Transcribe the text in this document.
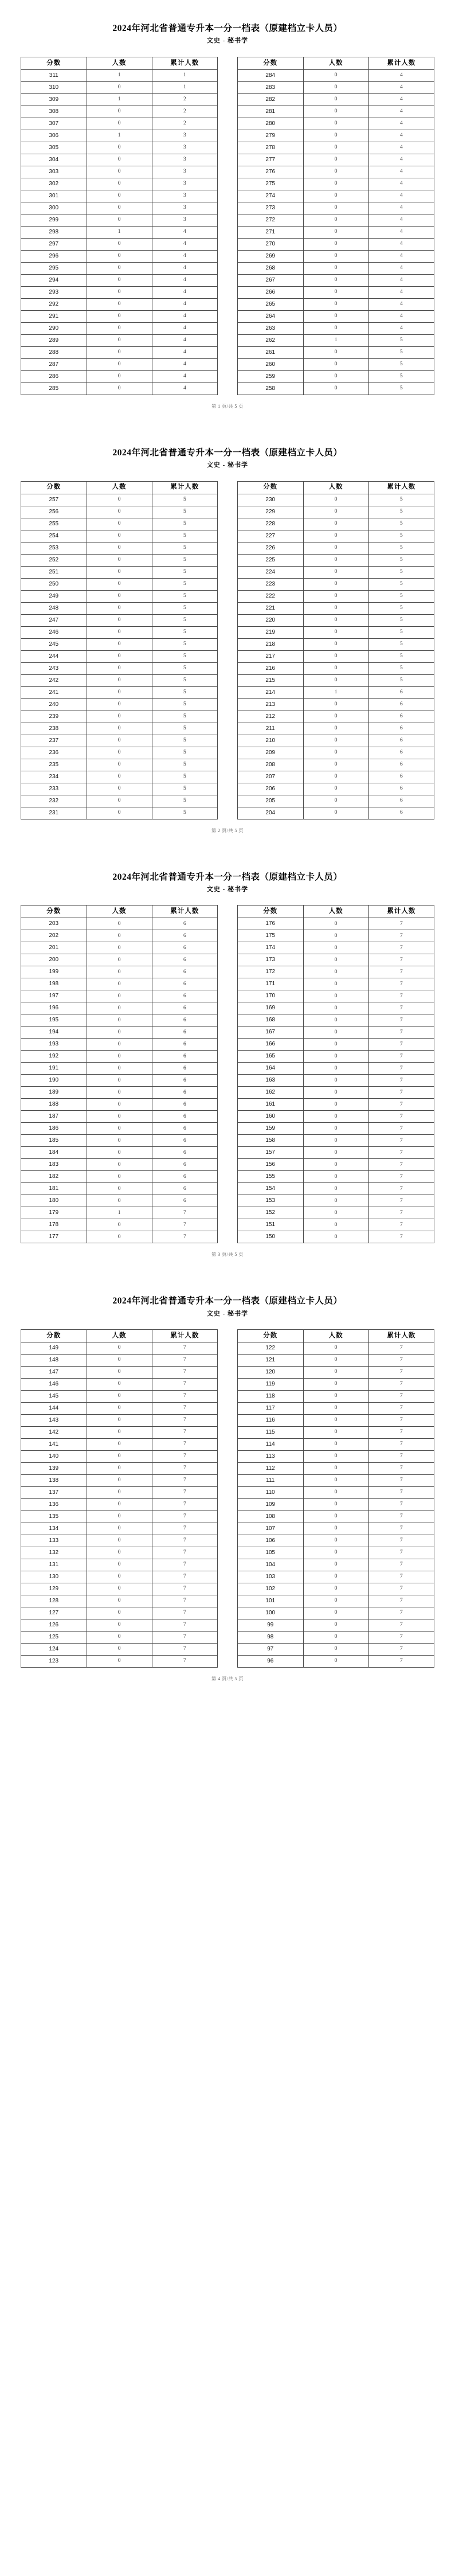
2024年河北省普通专升本一分一档表（原建档立卡人员）
文史 - 秘书学
分数	人数	累计人数
311	1	1
310	0	1
309	1	2
308	0	2
307	0	2
306	1	3
305	0	3
304	0	3
303	0	3
302	0	3
301	0	3
300	0	3
299	0	3
298	1	4
297	0	4
296	0	4
295	0	4
294	0	4
293	0	4
292	0	4
291	0	4
290	0	4
289	0	4
288	0	4
287	0	4
286	0	4
285	0	4
分数	人数	累计人数
284	0	4
283	0	4
282	0	4
281	0	4
280	0	4
279	0	4
278	0	4
277	0	4
276	0	4
275	0	4
274	0	4
273	0	4
272	0	4
271	0	4
270	0	4
269	0	4
268	0	4
267	0	4
266	0	4
265	0	4
264	0	4
263	0	4
262	1	5
261	0	5
260	0	5
259	0	5
258	0	5
第 1 页/共 5 页
2024年河北省普通专升本一分一档表（原建档立卡人员）
文史 - 秘书学
分数	人数	累计人数
257	0	5
256	0	5
255	0	5
254	0	5
253	0	5
252	0	5
251	0	5
250	0	5
249	0	5
248	0	5
247	0	5
246	0	5
245	0	5
244	0	5
243	0	5
242	0	5
241	0	5
240	0	5
239	0	5
238	0	5
237	0	5
236	0	5
235	0	5
234	0	5
233	0	5
232	0	5
231	0	5
分数	人数	累计人数
230	0	5
229	0	5
228	0	5
227	0	5
226	0	5
225	0	5
224	0	5
223	0	5
222	0	5
221	0	5
220	0	5
219	0	5
218	0	5
217	0	5
216	0	5
215	0	5
214	1	6
213	0	6
212	0	6
211	0	6
210	0	6
209	0	6
208	0	6
207	0	6
206	0	6
205	0	6
204	0	6
第 2 页/共 5 页
2024年河北省普通专升本一分一档表（原建档立卡人员）
文史 - 秘书学
分数	人数	累计人数
203	0	6
202	0	6
201	0	6
200	0	6
199	0	6
198	0	6
197	0	6
196	0	6
195	0	6
194	0	6
193	0	6
192	0	6
191	0	6
190	0	6
189	0	6
188	0	6
187	0	6
186	0	6
185	0	6
184	0	6
183	0	6
182	0	6
181	0	6
180	0	6
179	1	7
178	0	7
177	0	7
分数	人数	累计人数
176	0	7
175	0	7
174	0	7
173	0	7
172	0	7
171	0	7
170	0	7
169	0	7
168	0	7
167	0	7
166	0	7
165	0	7
164	0	7
163	0	7
162	0	7
161	0	7
160	0	7
159	0	7
158	0	7
157	0	7
156	0	7
155	0	7
154	0	7
153	0	7
152	0	7
151	0	7
150	0	7
第 3 页/共 5 页
2024年河北省普通专升本一分一档表（原建档立卡人员）
文史 - 秘书学
分数	人数	累计人数
149	0	7
148	0	7
147	0	7
146	0	7
145	0	7
144	0	7
143	0	7
142	0	7
141	0	7
140	0	7
139	0	7
138	0	7
137	0	7
136	0	7
135	0	7
134	0	7
133	0	7
132	0	7
131	0	7
130	0	7
129	0	7
128	0	7
127	0	7
126	0	7
125	0	7
124	0	7
123	0	7
分数	人数	累计人数
122	0	7
121	0	7
120	0	7
119	0	7
118	0	7
117	0	7
116	0	7
115	0	7
114	0	7
113	0	7
112	0	7
111	0	7
110	0	7
109	0	7
108	0	7
107	0	7
106	0	7
105	0	7
104	0	7
103	0	7
102	0	7
101	0	7
100	0	7
99	0	7
98	0	7
97	0	7
96	0	7
第 4 页/共 5 页
